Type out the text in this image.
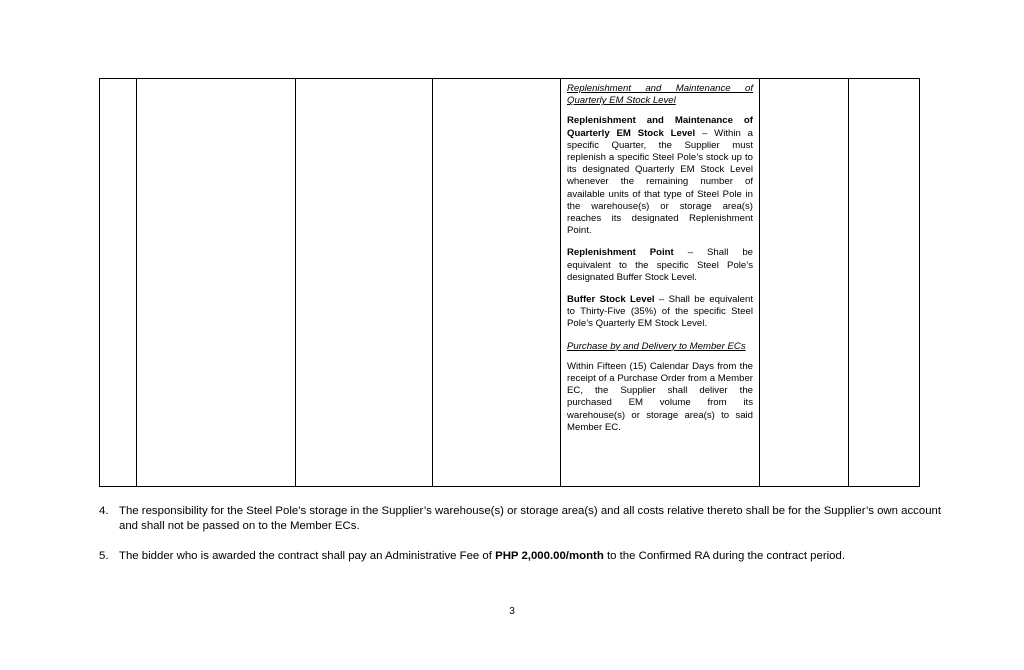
Replenishment and Maintenance of Quarterly EM Stock Level

Replenishment and Maintenance of Quarterly EM Stock Level – Within a specific Quarter, the Supplier must replenish a specific Steel Pole’s stock up to its designated Quarterly EM Stock Level whenever the remaining number of available units of that type of Steel Pole in the warehouse(s) or storage area(s) reaches its designated Replenishment Point.

Replenishment Point – Shall be equivalent to the specific Steel Pole’s designated Buffer Stock Level.

Buffer Stock Level – Shall be equivalent to Thirty-Five (35%) of the specific Steel Pole’s Quarterly EM Stock Level.

Purchase by and Delivery to Member ECs

Within Fifteen (15) Calendar Days from the receipt of a Purchase Order from a Member EC, the Supplier shall deliver the purchased EM volume from its warehouse(s) or storage area(s) to said Member EC.

4. The responsibility for the Steel Pole’s storage in the Supplier’s warehouse(s) or storage area(s) and all costs relative thereto shall be for the Supplier’s own account and shall not be passed on to the Member ECs.
5. The bidder who is awarded the contract shall pay an Administrative Fee of PHP 2,000.00/month to the Confirmed RA during the contract period.
3
